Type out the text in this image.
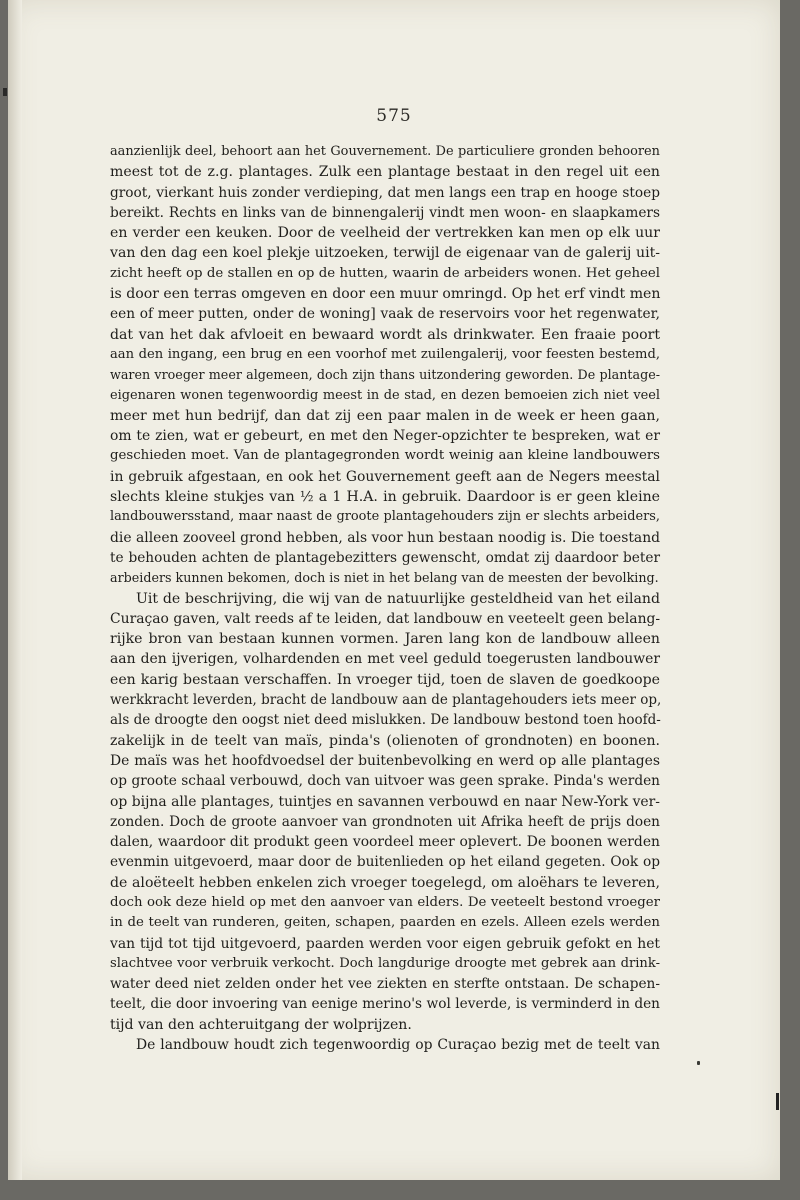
575
aanzienlijk deel, behoort aan het Gouvernement. De particuliere gronden behooren
meest tot de z.g. plantages. Zulk een plantage bestaat in den regel uit een
groot, vierkant huis zonder verdieping, dat men langs een trap en hooge stoep
bereikt. Rechts en links van de binnengalerij vindt men woon- en slaapkamers
en verder een keuken. Door de veelheid der vertrekken kan men op elk uur
van den dag een koel plekje uitzoeken, terwijl de eigenaar van de galerij uit-
zicht heeft op de stallen en op de hutten, waarin de arbeiders wonen. Het geheel
is door een terras omgeven en door een muur omringd. Op het erf vindt men
een of meer putten, onder de woning] vaak de reservoirs voor het regenwater,
dat van het dak afvloeit en bewaard wordt als drinkwater. Een fraaie poort
aan den ingang, een brug en een voorhof met zuilengalerij, voor feesten bestemd,
waren vroeger meer algemeen, doch zijn thans uitzondering geworden. De plantage-
eigenaren wonen tegenwoordig meest in de stad, en dezen bemoeien zich niet veel
meer met hun bedrijf, dan dat zij een paar malen in de week er heen gaan,
om te zien, wat er gebeurt, en met den Neger-opzichter te bespreken, wat er
geschieden moet. Van de plantagegronden wordt weinig aan kleine landbouwers
in gebruik afgestaan, en ook het Gouvernement geeft aan de Negers meestal
slechts kleine stukjes van ½ a 1 H.A. in gebruik. Daardoor is er geen kleine
landbouwersstand, maar naast de groote plantagehouders zijn er slechts arbeiders,
die alleen zooveel grond hebben, als voor hun bestaan noodig is. Die toestand
te behouden achten de plantagebezitters gewenscht, omdat zij daardoor beter
arbeiders kunnen bekomen, doch is niet in het belang van de meesten der bevolking.
Uit de beschrijving, die wij van de natuurlijke gesteldheid van het eiland
Curaçao gaven, valt reeds af te leiden, dat landbouw en veeteelt geen belang-
rijke bron van bestaan kunnen vormen. Jaren lang kon de landbouw alleen
aan den ijverigen, volhardenden en met veel geduld toegerusten landbouwer
een karig bestaan verschaffen. In vroeger tijd, toen de slaven de goedkoope
werkkracht leverden, bracht de landbouw aan de plantagehouders iets meer op,
als de droogte den oogst niet deed mislukken. De landbouw bestond toen hoofd-
zakelijk in de teelt van maïs, pinda's (olienoten of grondnoten) en boonen.
De maïs was het hoofdvoedsel der buitenbevolking en werd op alle plantages
op groote schaal verbouwd, doch van uitvoer was geen sprake. Pinda's werden
op bijna alle plantages, tuintjes en savannen verbouwd en naar New-York ver-
zonden. Doch de groote aanvoer van grondnoten uit Afrika heeft de prijs doen
dalen, waardoor dit produkt geen voordeel meer oplevert. De boonen werden
evenmin uitgevoerd, maar door de buitenlieden op het eiland gegeten. Ook op
de aloëteelt hebben enkelen zich vroeger toegelegd, om aloëhars te leveren,
doch ook deze hield op met den aanvoer van elders. De veeteelt bestond vroeger
in de teelt van runderen, geiten, schapen, paarden en ezels. Alleen ezels werden
van tijd tot tijd uitgevoerd, paarden werden voor eigen gebruik gefokt en het
slachtvee voor verbruik verkocht. Doch langdurige droogte met gebrek aan drink-
water deed niet zelden onder het vee ziekten en sterfte ontstaan. De schapen-
teelt, die door invoering van eenige merino's wol leverde, is verminderd in den
tijd van den achteruitgang der wolprijzen.
De landbouw houdt zich tegenwoordig op Curaçao bezig met de teelt van
